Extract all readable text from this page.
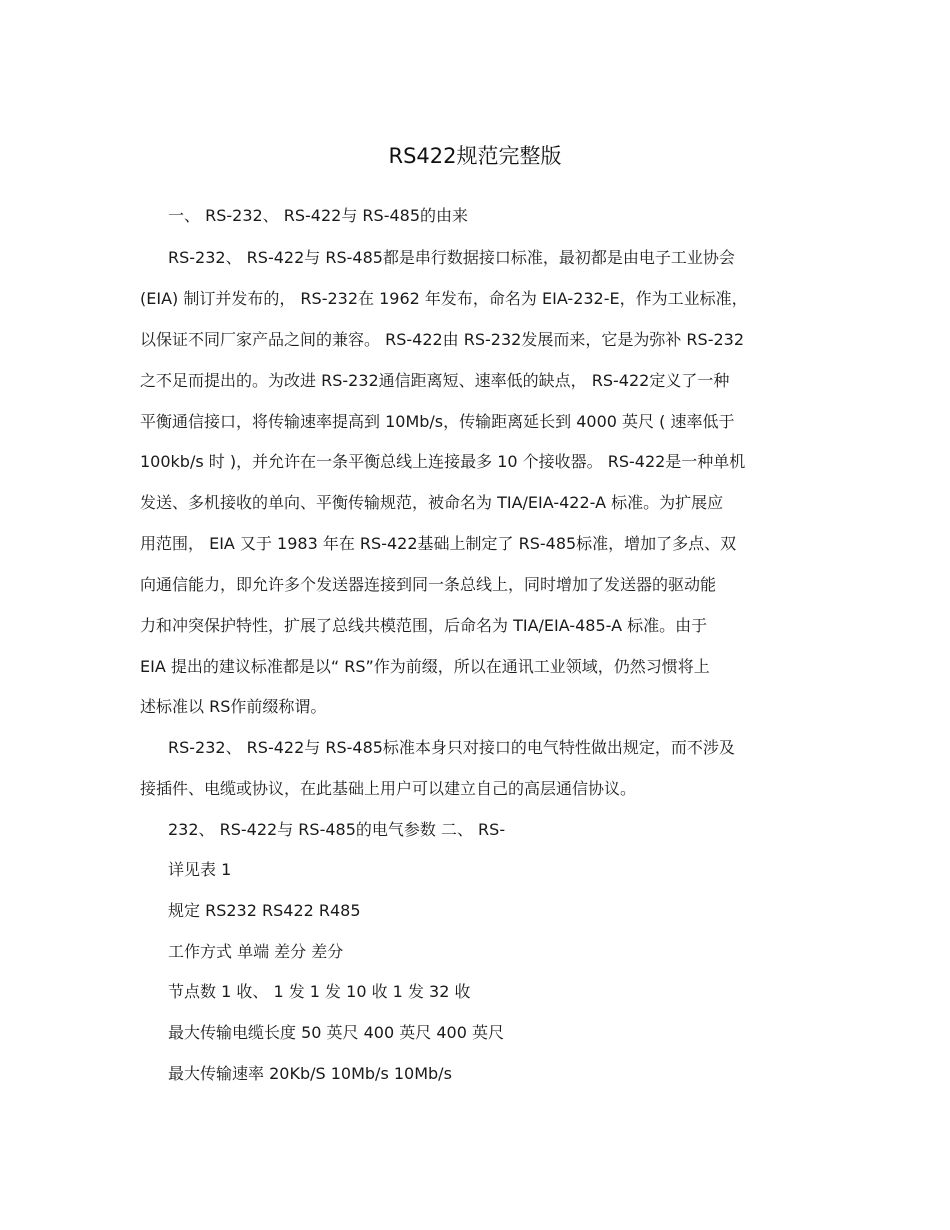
RS422规范完整版

一、 RS-232、 RS-422与 RS-485的由来

RS-232、 RS-422与 RS-485都是串行数据接口标准，最初都是由电子工业协会

(EIA) 制订并发布的， RS-232在 1962 年发布，命名为 EIA-232-E，作为工业标准，

以保证不同厂家产品之间的兼容。 RS-422由 RS-232发展而来，它是为弥补 RS-232

之不足而提出的。为改进 RS-232通信距离短、速率低的缺点， RS-422定义了一种

平衡通信接口，将传输速率提高到 10Mb/s，传输距离延长到 4000 英尺 ( 速率低于

100kb/s 时 )，并允许在一条平衡总线上连接最多 10 个接收器。 RS-422是一种单机

发送、多机接收的单向、平衡传输规范，被命名为 TIA/EIA-422-A 标准。为扩展应

用范围， EIA 又于 1983 年在 RS-422基础上制定了 RS-485标准，增加了多点、双

向通信能力，即允许多个发送器连接到同一条总线上，同时增加了发送器的驱动能

力和冲突保护特性，扩展了总线共模范围，后命名为 TIA/EIA-485-A 标准。由于

EIA 提出的建议标准都是以“ RS”作为前缀，所以在通讯工业领域，仍然习惯将上

述标准以 RS作前缀称谓。

RS-232、 RS-422与 RS-485标准本身只对接口的电气特性做出规定，而不涉及

接插件、电缆或协议，在此基础上用户可以建立自己的高层通信协议。

232、 RS-422与 RS-485的电气参数 二、 RS-

详见表 1

规定 RS232 RS422 R485

工作方式 单端 差分 差分

节点数 1 收、 1 发 1 发 10 收 1 发 32 收

最大传输电缆长度 50 英尺 400 英尺 400 英尺

最大传输速率 20Kb/S 10Mb/s 10Mb/s
